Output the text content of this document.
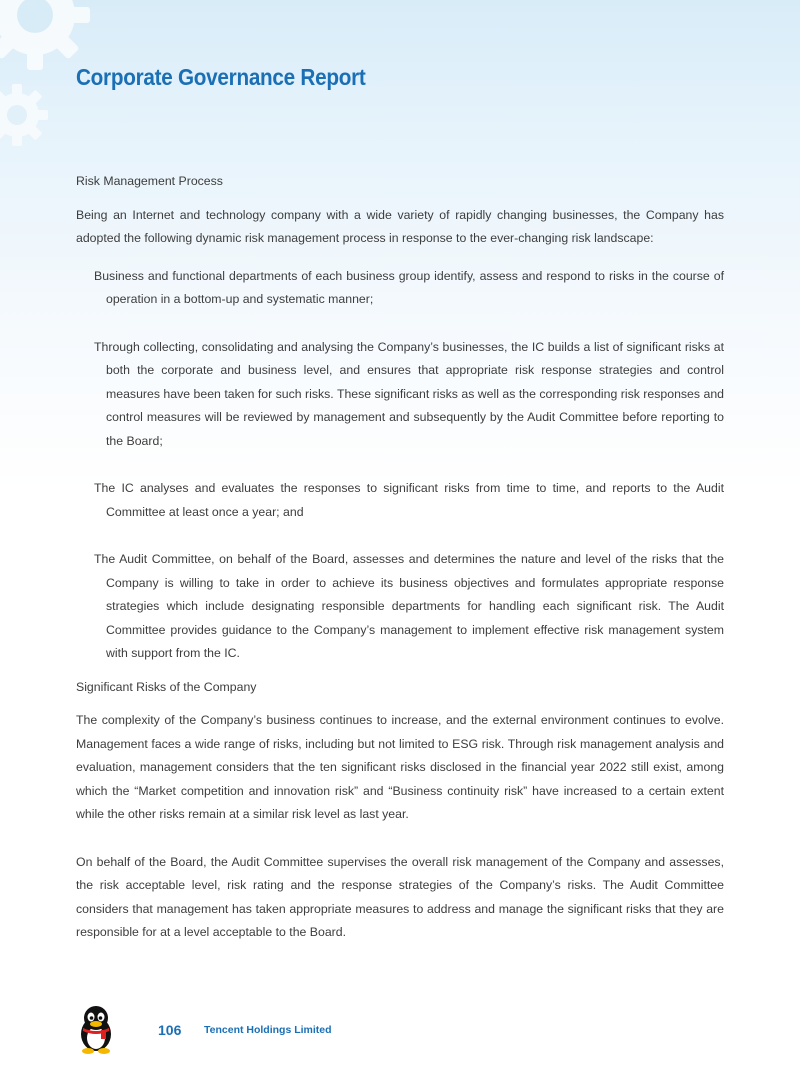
Corporate Governance Report

Risk Management Process

Being an Internet and technology company with a wide variety of rapidly changing businesses, the Company has adopted the following dynamic risk management process in response to the ever-changing risk landscape:

Business and functional departments of each business group identify, assess and respond to risks in the course of operation in a bottom-up and systematic manner;

Through collecting, consolidating and analysing the Company’s businesses, the IC builds a list of significant risks at both the corporate and business level, and ensures that appropriate risk response strategies and control measures have been taken for such risks. These significant risks as well as the corresponding risk responses and control measures will be reviewed by management and subsequently by the Audit Committee before reporting to the Board;

The IC analyses and evaluates the responses to significant risks from time to time, and reports to the Audit Committee at least once a year; and

The Audit Committee, on behalf of the Board, assesses and determines the nature and level of the risks that the Company is willing to take in order to achieve its business objectives and formulates appropriate response strategies which include designating responsible departments for handling each significant risk. The Audit Committee provides guidance to the Company’s management to implement effective risk management system with support from the IC.

Significant Risks of the Company

The complexity of the Company’s business continues to increase, and the external environment continues to evolve. Management faces a wide range of risks, including but not limited to ESG risk. Through risk management analysis and evaluation, management considers that the ten significant risks disclosed in the financial year 2022 still exist, among which the “Market competition and innovation risk” and “Business continuity risk” have increased to a certain extent while the other risks remain at a similar risk level as last year.

On behalf of the Board, the Audit Committee supervises the overall risk management of the Company and assesses, the risk acceptable level, risk rating and the response strategies of the Company’s risks. The Audit Committee considers that management has taken appropriate measures to address and manage the significant risks that they are responsible for at a level acceptable to the Board.

106 Tencent Holdings Limited
